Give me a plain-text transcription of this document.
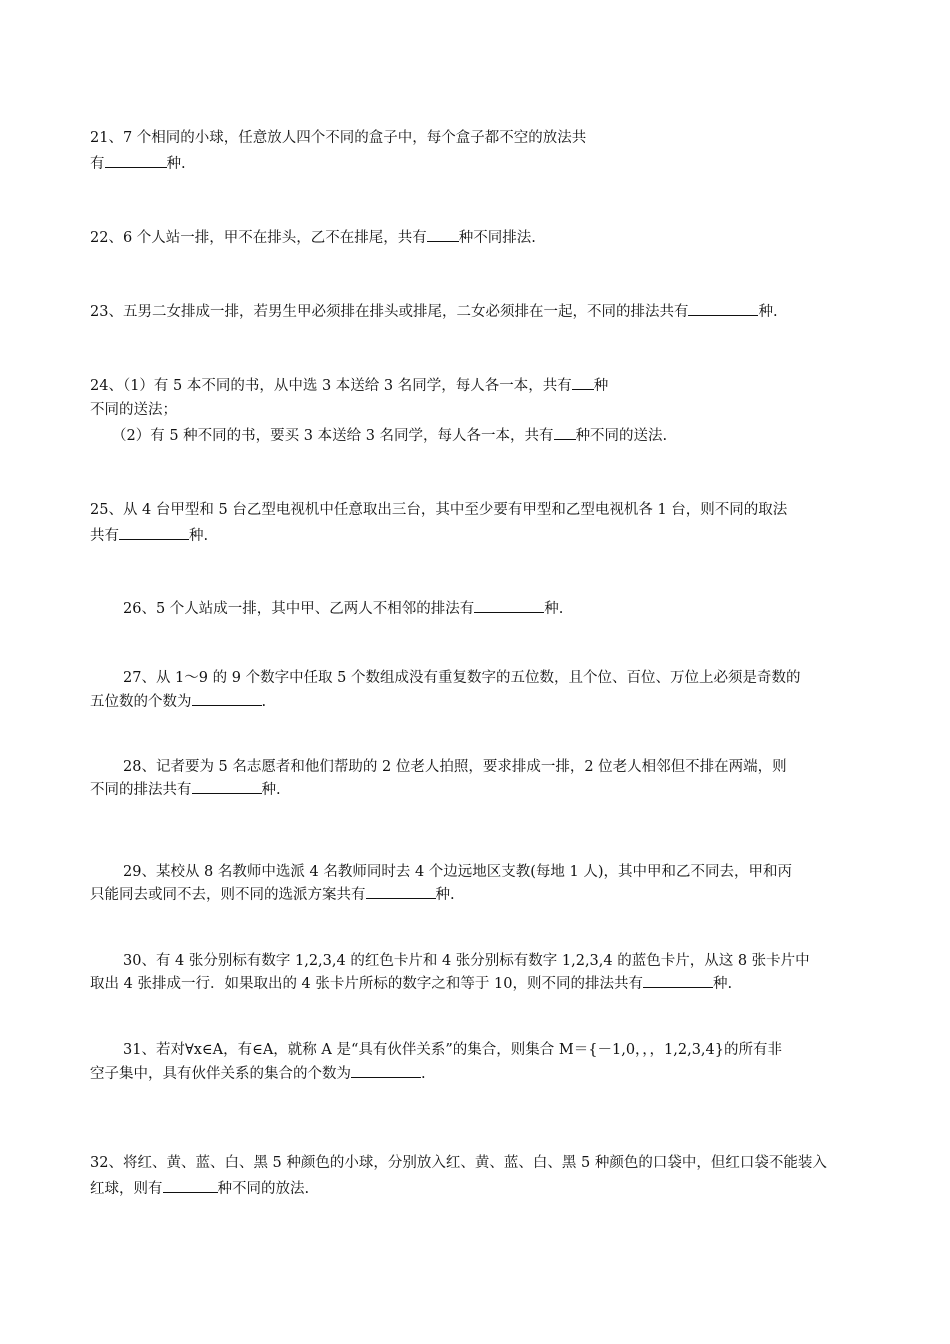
21、7 个相同的小球，任意放人四个不同的盒子中，每个盒子都不空的放法共
有	种.
22、6 个人站一排，甲不在排头，乙不在排尾，共有 种不同排法.
23、五男二女排成一排，若男生甲必须排在排头或排尾，二女必须排在一起，不同的排法共有	种.
24、（1）有 5 本不同的书，从中选 3 本送给 3 名同学，每人各一本，共有 种
不同的送法；
（2）有 5 种不同的书，要买 3 本送给 3 名同学，每人各一本，共有 种不同的送法.
25、从 4 台甲型和 5 台乙型电视机中任意取出三台，其中至少要有甲型和乙型电视机各 1 台，则不同的取法
共有	种.
26、5 个人站成一排，其中甲、乙两人不相邻的排法有	种.
27、从 1～9 的 9 个数字中任取 5 个数组成没有重复数字的五位数，且个位、百位、万位上必须是奇数的
五位数的个数为	.
28、记者要为 5 名志愿者和他们帮助的 2 位老人拍照，要求排成一排，2 位老人相邻但不排在两端，则
不同的排法共有	种.
29、某校从 8 名教师中选派 4 名教师同时去 4 个边远地区支教(每地 1 人)，其中甲和乙不同去，甲和丙
只能同去或同不去，则不同的选派方案共有	种.
30、有 4 张分别标有数字 1,2,3,4 的红色卡片和 4 张分别标有数字 1,2,3,4 的蓝色卡片，从这 8 张卡片中
取出 4 张排成一行．如果取出的 4 张卡片所标的数字之和等于 10，则不同的排法共有	种.
31、若对∀x∈A，有∈A，就称 A 是“具有伙伴关系”的集合，则集合 M＝{－1,0，，，1,2,3,4}的所有非
空子集中，具有伙伴关系的集合的个数为	.
32、将红、黄、蓝、白、黑 5 种颜色的小球，分别放入红、黄、蓝、白、黑 5 种颜色的口袋中，但红口袋不能装入
红球，则有	种不同的放法.
